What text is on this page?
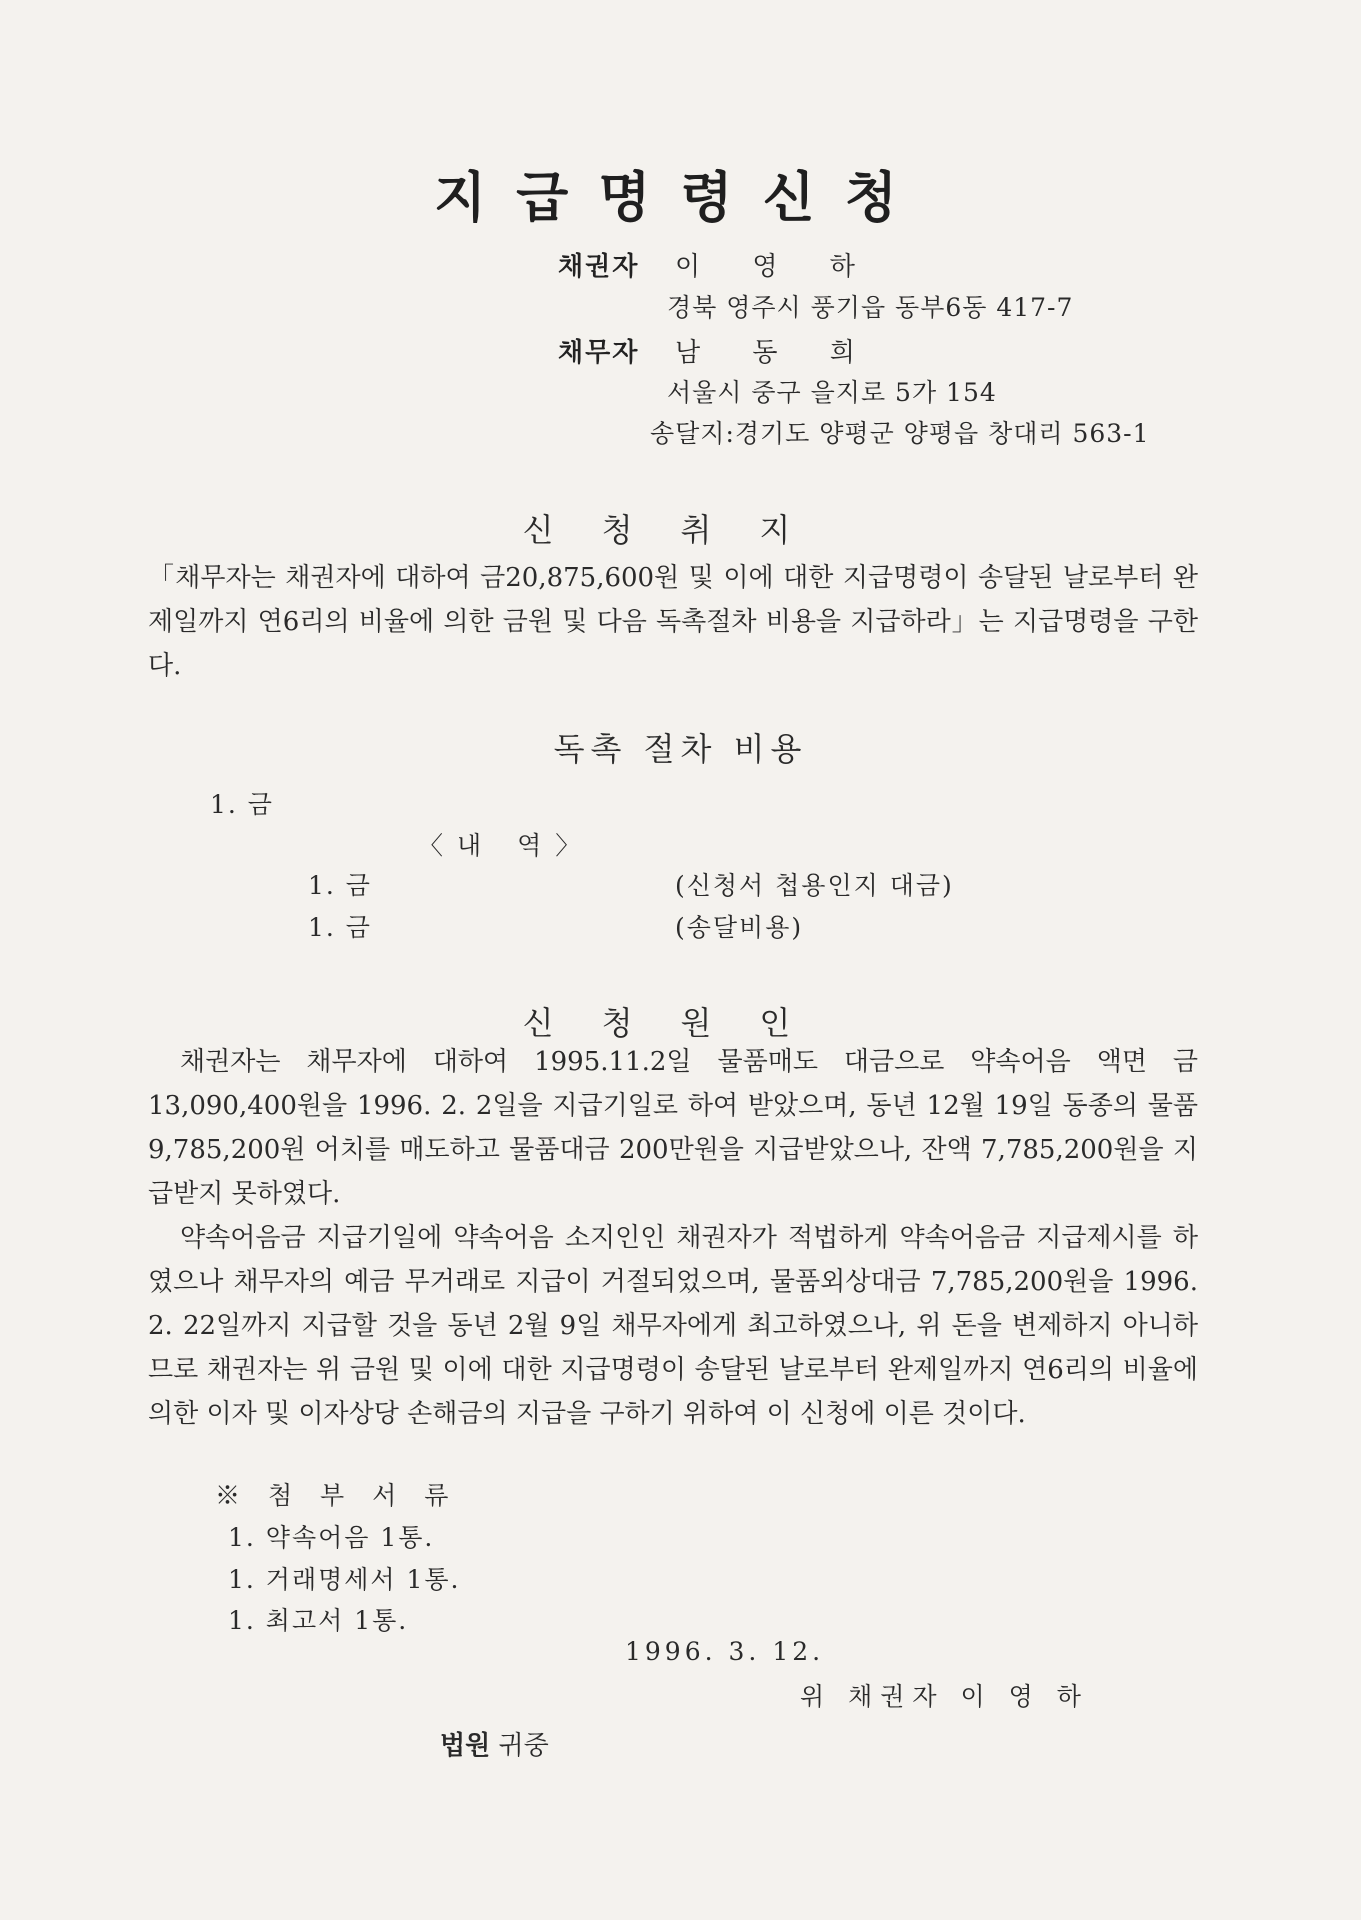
지급명령신청
채권자 이 영 하
경북 영주시 풍기읍 동부6동 417-7
채무자 남 동 희
서울시 중구 을지로 5가 154
송달지:경기도 양평군 양평읍 창대리 563-1
신청취지
「채무자는 채권자에 대하여 금20,875,600원 및 이에 대한 지급명령이 송달된 날로부터 완제일까지 연6리의 비율에 의한 금원 및 다음 독촉절차 비용을 지급하라」는 지급명령을 구한다.
독촉 절차 비용
1. 금
〈내 역〉
1. 금	(신청서 첩용인지 대금)
1. 금	(송달비용)
신청원인
채권자는 채무자에 대하여 1995.11.2일 물품매도 대금으로 약속어음 액면 금 13,090,400원을 1996. 2. 2일을 지급기일로 하여 받았으며, 동년 12월 19일 동종의 물품 9,785,200원 어치를 매도하고 물품대금 200만원을 지급받았으나, 잔액 7,785,200원을 지급받지 못하였다.
약속어음금 지급기일에 약속어음 소지인인 채권자가 적법하게 약속어음금 지급제시를 하였으나 채무자의 예금 무거래로 지급이 거절되었으며, 물품외상대금 7,785,200원을 1996. 2. 22일까지 지급할 것을 동년 2월 9일 채무자에게 최고하였으나, 위 돈을 변제하지 아니하므로 채권자는 위 금원 및 이에 대한 지급명령이 송달된 날로부터 완제일까지 연6리의 비율에 의한 이자 및 이자상당 손해금의 지급을 구하기 위하여 이 신청에 이른 것이다.
※ 첨 부 서 류
1. 약속어음 1통.
1. 거래명세서 1통.
1. 최고서 1통.
1996. 3. 12.
위 채권자 이 영 하
법원 귀중
